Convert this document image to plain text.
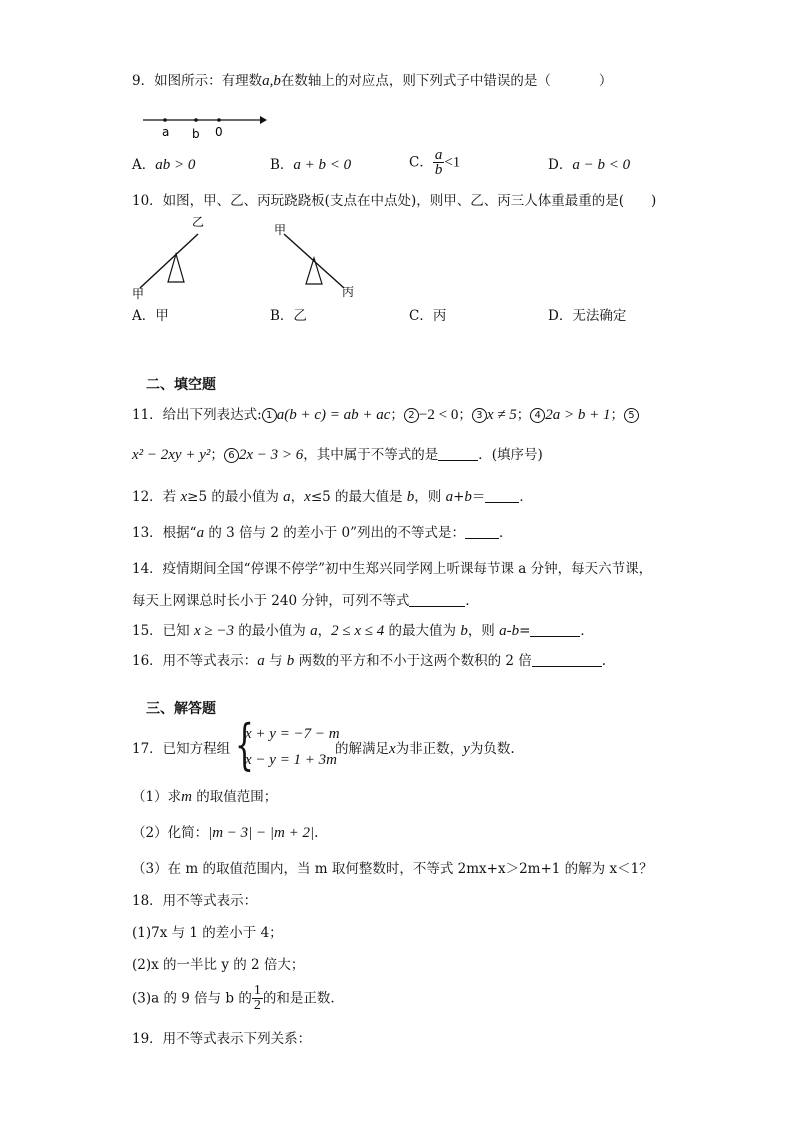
9．如图所示：有理数a,b在数轴上的对应点，则下列式子中错误的是（	）
a b 0
A．ab > 0	B．a + b < 0	C． $\frac{a}{b} <1$	D．a − b < 0
10．如图，甲、乙、丙玩跷跷板(支点在中点处)，则甲、乙、丙三人体重最重的是(　　)
乙
甲
甲
丙
A．甲	B．乙	C．丙	D．无法确定
二、填空题
11．给出下列表达式: 1 a(b + c) = ab + ac； 2 −2 < 0； 3 x ≠ 5； 4 2a > b + 1； 5
x² − 2xy + y²； 6 2x − 3 > 6，其中属于不等式的是	．(填序号)
12．若 x≥5 的最小值为 a，x≤5 的最大值是 b，则 a+b＝	．
13．根据“a 的 3 倍与 2 的差小于 0”列出的不等式是：	．
14．疫情期间全国“停课不停学”初中生郑兴同学网上听课每节课 a 分钟，每天六节课，
每天上网课总时长小于 240 分钟，可列不等式	．
15．已知 x ≥ −3 的最小值为 a，2 ≤ x ≤ 4 的最大值为 b，则 a-b=	．
16．用不等式表示：a 与 b 两数的平方和不小于这两个数积的 2 倍	.
三、解答题
17．已知方程组 {
x + y = −7 − m
x − y = 1 + 3m
的解满足x为非正数，y为负数.
（1）求m 的取值范围；
（2）化简：|m − 3| − |m + 2|.
（3）在 m 的取值范围内，当 m 取何整数时，不等式 2mx+x＞2m+1 的解为 x＜1？
18．用不等式表示：
(1)7x 与 1 的差小于 4；
(2)x 的一半比 y 的 2 倍大；
(3)a 的 9 倍与 b 的 $\frac{1}{2}$ 的和是正数.
19．用不等式表示下列关系：
